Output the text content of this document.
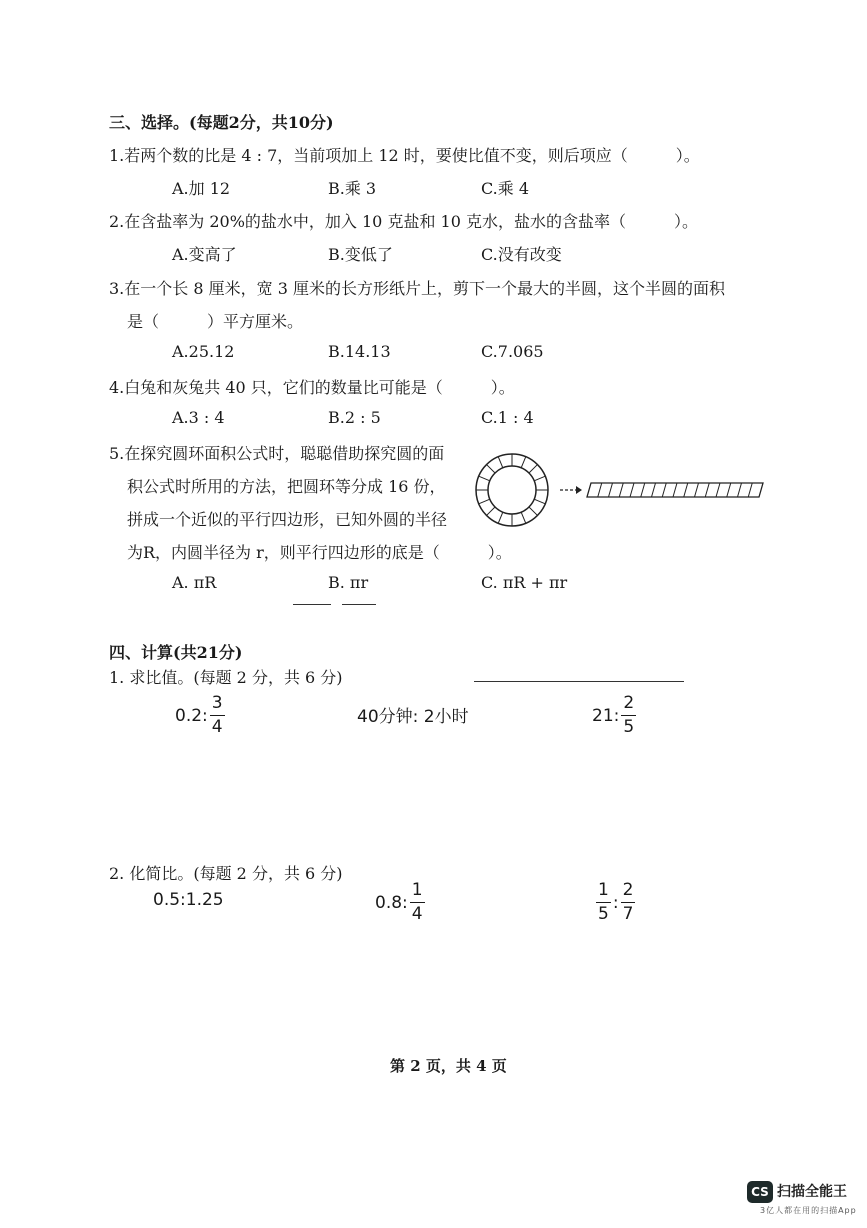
三、选择。(每题2分，共10分)
1.若两个数的比是 4 : 7，当前项加上 12 时，要使比值不变，则后项应（　　　）。
A.加 12	B.乘 3	C.乘 4
2.在含盐率为 20%的盐水中，加入 10 克盐和 10 克水，盐水的含盐率（　　　）。
A.变高了	B.变低了	C.没有改变
3.在一个长 8 厘米，宽 3 厘米的长方形纸片上，剪下一个最大的半圆，这个半圆的面积
是（　　　）平方厘米。
A.25.12	B.14.13	C.7.065
4.白兔和灰兔共 40 只，它们的数量比可能是（　　　）。
A.3 : 4	B.2 : 5	C.1 : 4
5.在探究圆环面积公式时，聪聪借助探究圆的面
积公式时所用的方法，把圆环等分成 16 份，
拼成一个近似的平行四边形，已知外圆的半径
为R，内圆半径为 r，则平行四边形的底是（　　　）。
A. πR	B. πr	C. πR + πr
四、计算(共21分)
1. 求比值。(每题 2 分，共 6 分)
0.2: $\frac{3}{4}$	40分钟: 2小时	21: $\frac{2}{5}$
2. 化简比。(每题 2 分，共 6 分)
0.5:1.25	0.8: $\frac{1}{4}$	$\frac{1}{5}$ : $\frac{2}{7}$
第 2 页，共 4 页
CS 扫描全能王
3亿人都在用的扫描App
